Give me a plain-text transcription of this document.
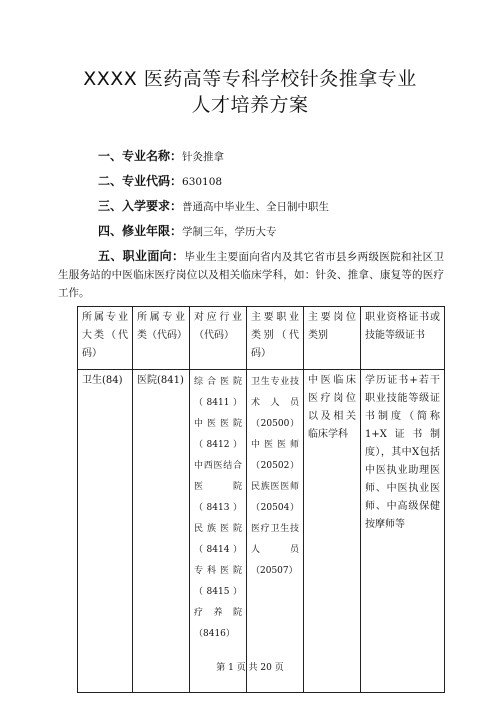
XXXX 医药高等专科学校针灸推拿专业
人才培养方案
一、专业名称：针灸推拿
二、专业代码：630108
三、入学要求：普通高中毕业生、全日制中职生
四、修业年限：学制三年，学历大专
五、职业面向：毕业生主要面向省内及其它省市县乡两级医院和社区卫生服务站的中医临床医疗岗位以及相关临床学科，如：针灸、推拿、康复等的医疗工作。
所属专业大类（代码）	所属专业类（代码）	对应行业（代码）	主要职业类别（代码）	主要岗位类别	职业资格证书或技能等级证书
卫生(84)	医院(841)	综合医院（8411）中医医院（8412）中西医结合医院（8413）民族医院（8414）专科医院（8415）疗养院（8416）	卫生专业技术人员（20500）中医医师（20502）民族医医师（20504）医疗卫生技人员（20507）	中医临床医疗岗位以及相关临床学科	学历证书+若干职业技能等级证书制度（简称1+X证书制度），其中X包括中医执业助理医师、中医执业医师、中高级保健按摩师等
第 1 页 共 20 页
